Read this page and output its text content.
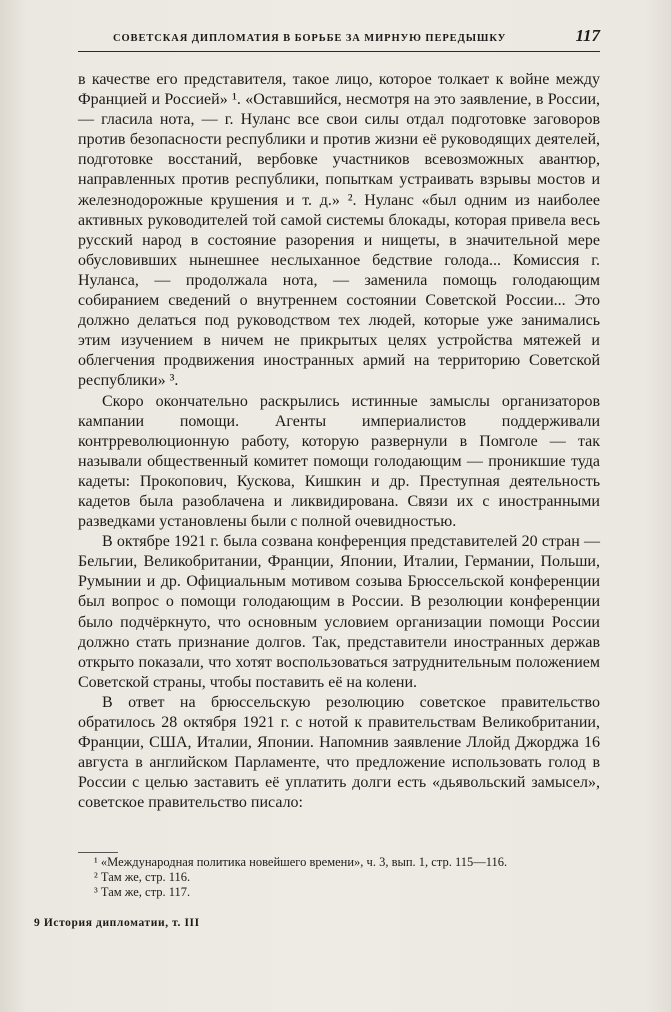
СОВЕТСКАЯ ДИПЛОМАТИЯ В БОРЬБЕ ЗА МИРНУЮ ПЕРЕДЫШКУ	117

в качестве его представителя, такое лицо, которое толкает к войне между Францией и Россией» ¹. «Оставшийся, несмотря на это заявление, в России, — гласила нота, — г. Нуланс все свои силы отдал подготовке заговоров против безопасности республики и против жизни её руководящих деятелей, подготовке восстаний, вербовке участников всевозможных авантюр, направленных против республики, попыткам устраивать взрывы мостов и железнодорожные крушения и т. д.» ². Нуланс «был одним из наиболее активных руководителей той самой системы блокады, которая привела весь русский народ в состояние разорения и нищеты, в значительной мере обусловивших нынешнее неслыханное бедствие голода... Комиссия г. Нуланса, — продолжала нота, — заменила помощь голодающим собиранием сведений о внутреннем состоянии Советской России... Это должно делаться под руководством тех людей, которые уже занимались этим изучением в ничем не прикрытых целях устройства мятежей и облегчения продвижения иностранных армий на территорию Советской республики» ³.

Скоро окончательно раскрылись истинные замыслы организаторов кампании помощи. Агенты империалистов поддерживали контрреволюционную работу, которую развернули в Помголе — так называли общественный комитет помощи голодающим — проникшие туда кадеты: Прокопович, Кускова, Кишкин и др. Преступная деятельность кадетов была разоблачена и ликвидирована. Связи их с иностранными разведками установлены были с полной очевидностью.

В октябре 1921 г. была созвана конференция представителей 20 стран — Бельгии, Великобритании, Франции, Японии, Италии, Германии, Польши, Румынии и др. Официальным мотивом созыва Брюссельской конференции был вопрос о помощи голодающим в России. В резолюции конференции было подчёркнуто, что основным условием организации помощи России должно стать признание долгов. Так, представители иностранных держав открыто показали, что хотят воспользоваться затруднительным положением Советской страны, чтобы поставить её на колени.

В ответ на брюссельскую резолюцию советское правительство обратилось 28 октября 1921 г. с нотой к правительствам Великобритании, Франции, США, Италии, Японии. Напомнив заявление Ллойд Джорджа 16 августа в английском Парламенте, что предложение использовать голод в России с целью заставить её уплатить долги есть «дьявольский замысел», советское правительство писало:

¹ «Международная политика новейшего времени», ч. 3, вып. 1, стр. 115—116.

² Там же, стр. 116.

³ Там же, стр. 117.

9 История дипломатии, т. III
